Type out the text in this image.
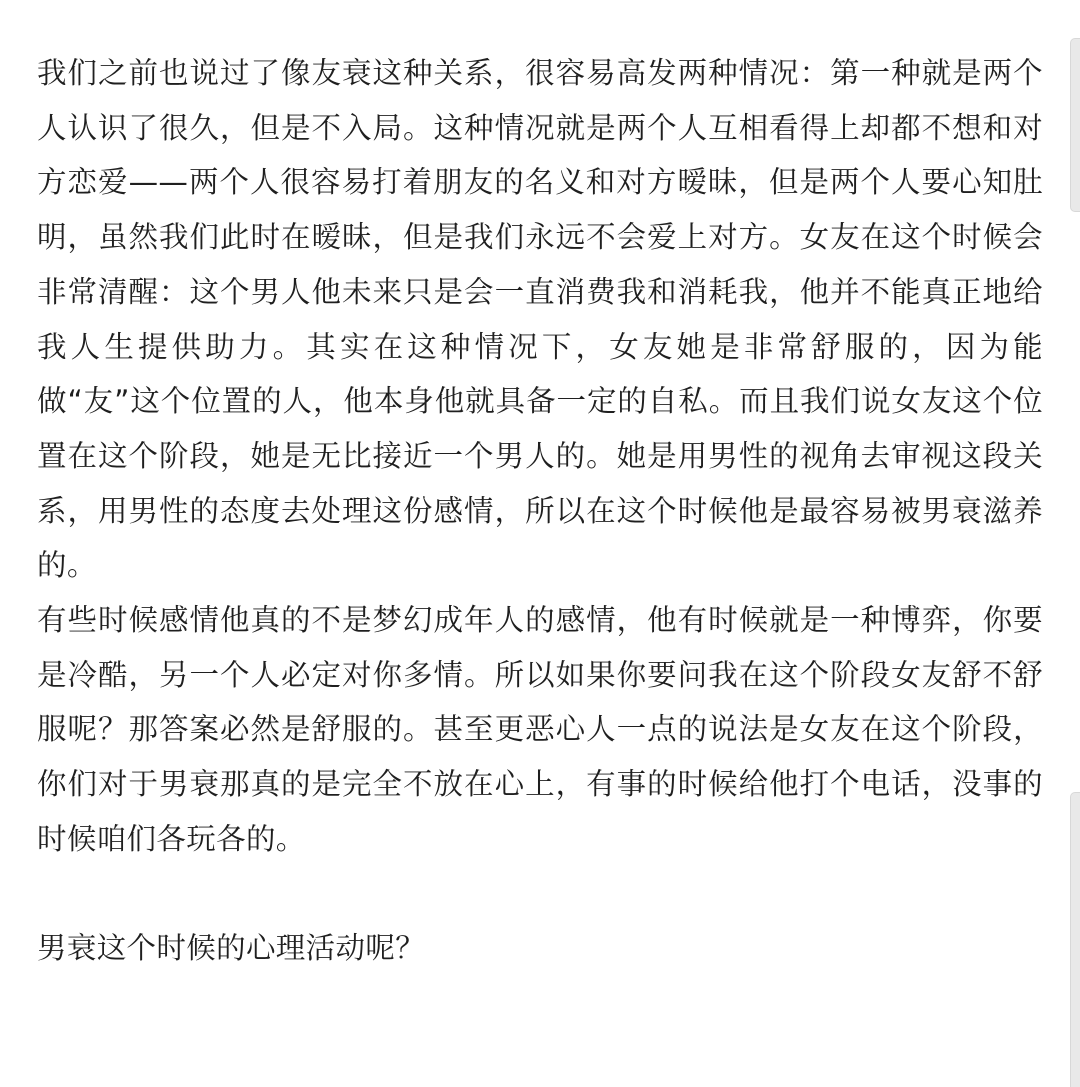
我们之前也说过了像友衰这种关系，很容易高发两种情况：第一种就是两个人认识了很久，但是不入局。这种情况就是两个人互相看得上却都不想和对方恋爱——两个人很容易打着朋友的名义和对方暧昧，但是两个人要心知肚明，虽然我们此时在暧昧，但是我们永远不会爱上对方。女友在这个时候会非常清醒：这个男人他未来只是会一直消费我和消耗我，他并不能真正地给我人生提供助力。其实在这种情况下，女友她是非常舒服的，因为能做“友”这个位置的人，他本身他就具备一定的自私。而且我们说女友这个位置在这个阶段，她是无比接近一个男人的。她是用男性的视角去审视这段关系，用男性的态度去处理这份感情，所以在这个时候他是最容易被男衰滋养的。

有些时候感情他真的不是梦幻成年人的感情，他有时候就是一种博弈，你要是冷酷，另一个人必定对你多情。所以如果你要问我在这个阶段女友舒不舒服呢？那答案必然是舒服的。甚至更恶心人一点的说法是女友在这个阶段，你们对于男衰那真的是完全不放在心上，有事的时候给他打个电话，没事的时候咱们各玩各的。

男衰这个时候的心理活动呢？
